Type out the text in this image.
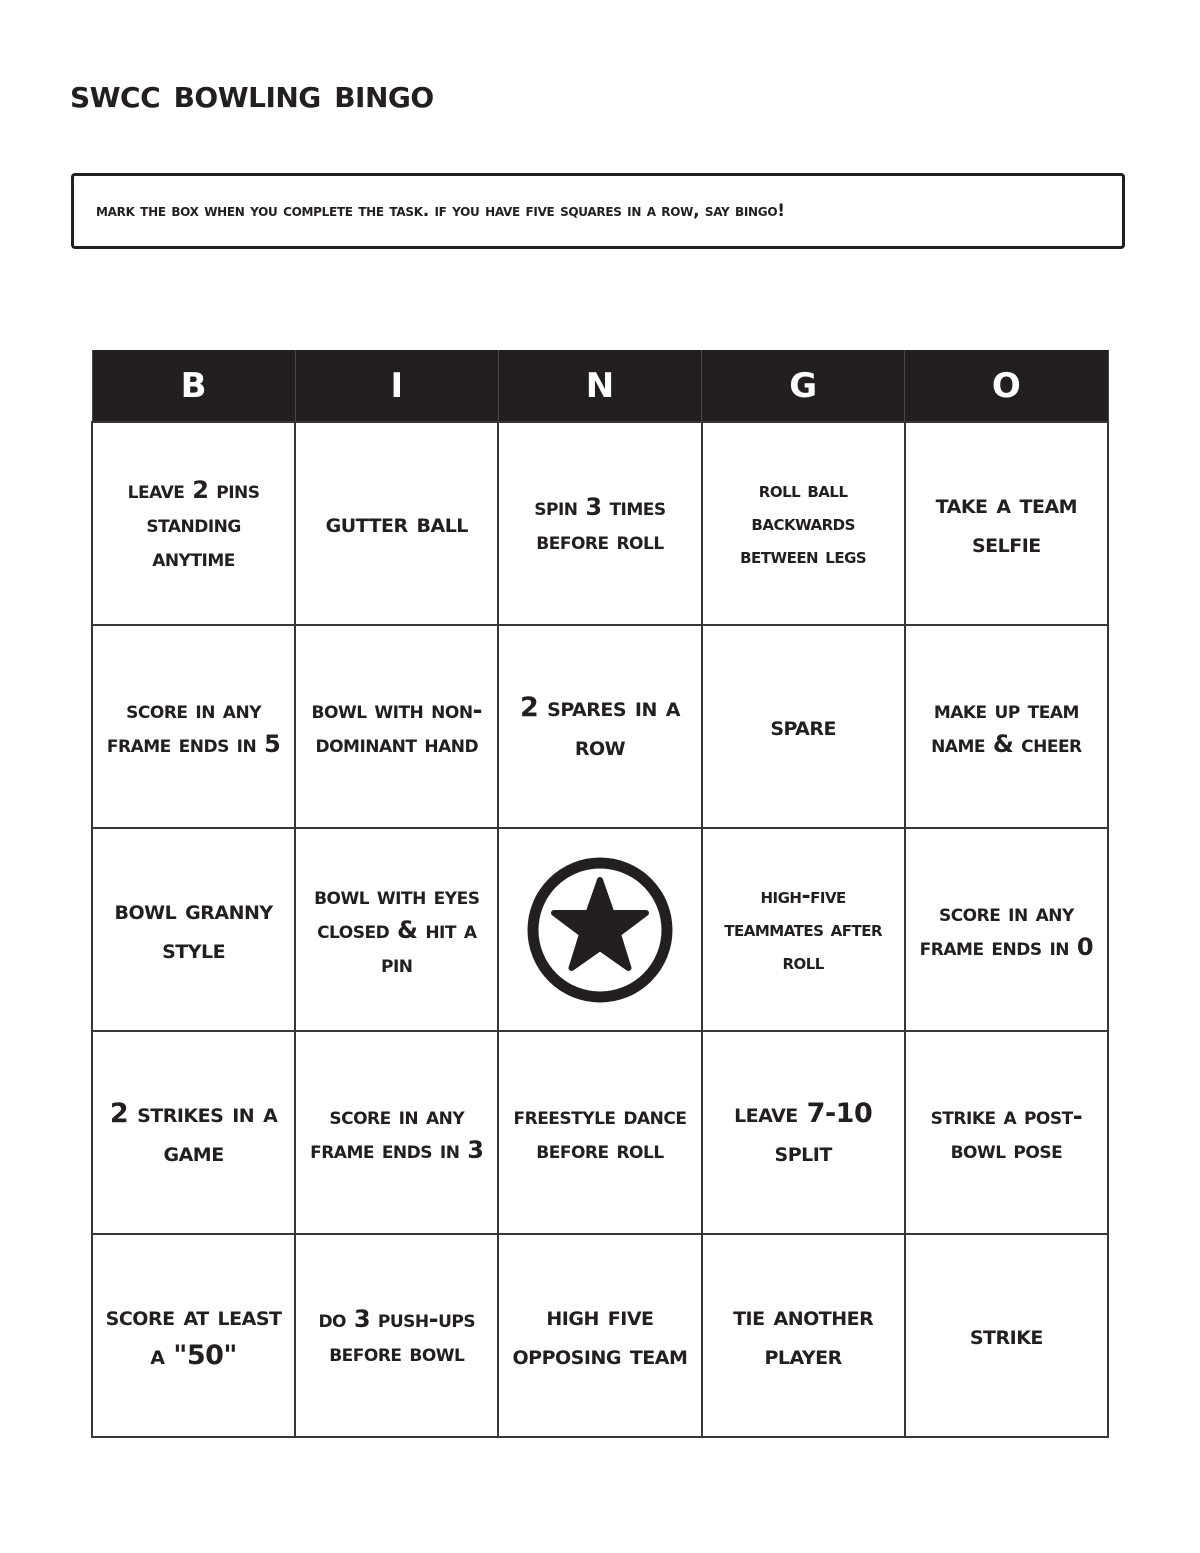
swcc bowling bingo
mark the box when you complete the task. if you have five squares in a row, say bingo!
B	I	N	G	O
leave 2 pins standing anytime	gutter ball	spin 3 times before roll	roll ball backwards between legs	take a team selfie
score in any frame ends in 5	bowl with non-dominant hand	2 spares in a row	spare	make up team name & cheer
bowl granny style	bowl with eyes closed & hit a pin		high-five teammates after roll	score in any frame ends in 0
2 strikes in a game	score in any frame ends in 3	freestyle dance before roll	leave 7-10 split	strike a post-bowl pose
score at least a "50"	do 3 push-ups before bowl	high five opposing team	tie another player	strike
